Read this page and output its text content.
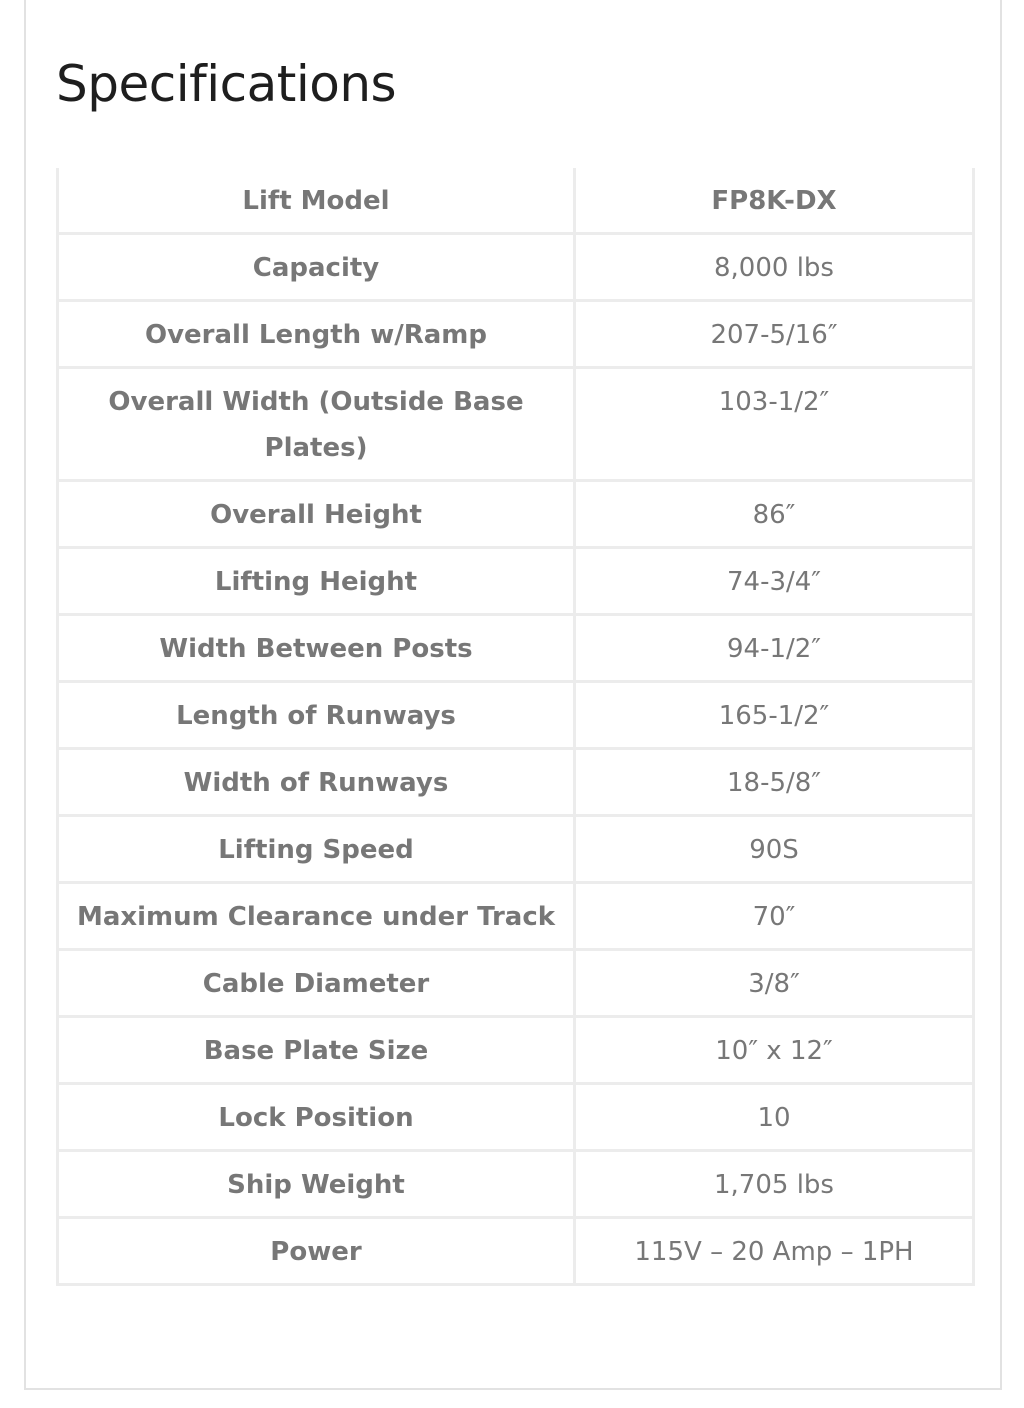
Specifications
Lift Model	FP8K-DX
Capacity	8,000 lbs
Overall Length w/Ramp	207-5/16″
Overall Width (Outside Base Plates)	103-1/2″
Overall Height	86″
Lifting Height	74-3/4″
Width Between Posts	94-1/2″
Length of Runways	165-1/2″
Width of Runways	18-5/8″
Lifting Speed	90S
Maximum Clearance under Track	70″
Cable Diameter	3/8″
Base Plate Size	10″ x 12″
Lock Position	10
Ship Weight	1,705 lbs
Power	115V – 20 Amp – 1PH
